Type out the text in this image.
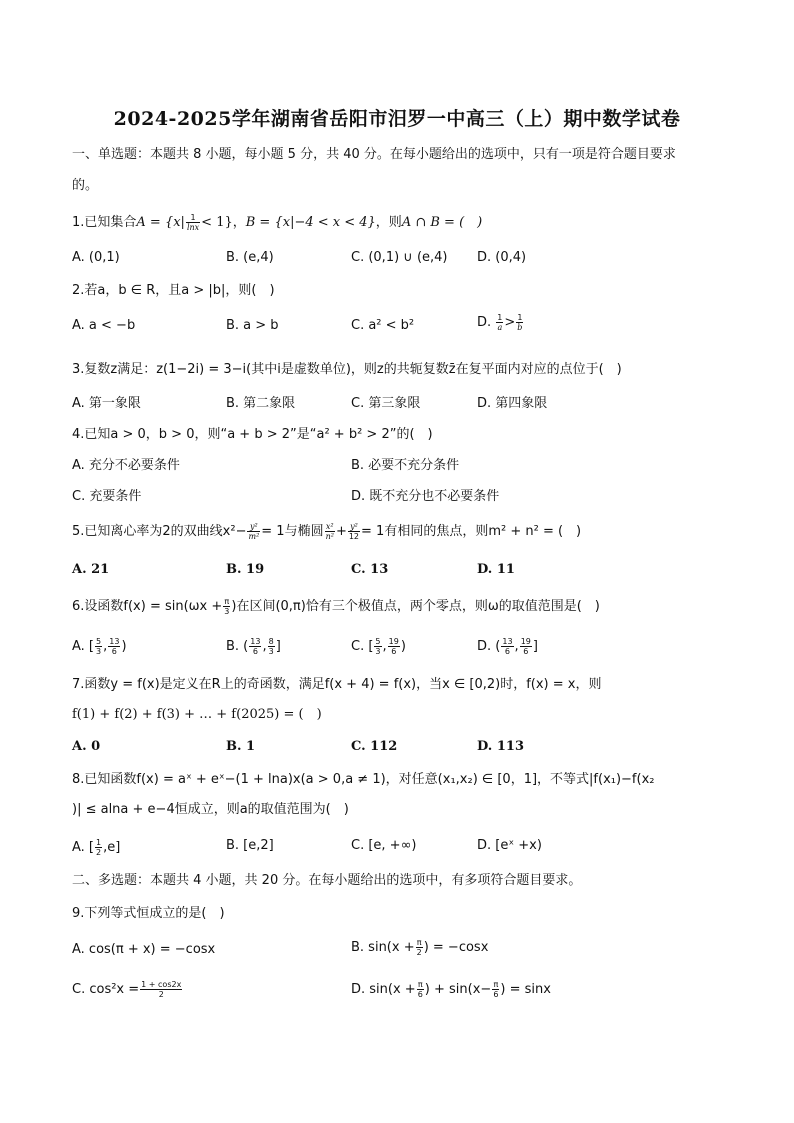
2024-2025学年湖南省岳阳市汨罗一中高三（上）期中数学试卷
一、单选题：本题共 8 小题，每小题 5 分，共 40 分。在每小题给出的选项中，只有一项是符合题目要求
的。
1.已知集合$A = \{x| \frac{1}{\ln x} < 1\}$，B = {x|−4 < x < 4}，则A ∩ B = (　)
A. (0,1)	B. (e,4)	C. (0,1) ∪ (e,4) D. (0,4)
2.若a，b ∈ R，且a > |b|，则(　)
A. a < −b	B. a > b	C. a² < b²	D. $\frac{1}{a} > \frac{1}{b}$
3.复数z满足：z(1−2i) = 3−i(其中i是虚数单位)，则z的共轭复数z̄在复平面内对应的点位于(　)
A. 第一象限	B. 第二象限	C. 第三象限	D. 第四象限
4.已知a > 0，b > 0，则“a + b > 2”是“a² + b² > 2”的(　)
A. 充分不必要条件	B. 必要不充分条件
C. 充要条件	D. 既不充分也不必要条件
5.已知离心率为2的双曲线$x^2- \frac{\text{y²}}{\text{m²}} = 1$与椭圆 $\frac{\text{x²}}{\text{n²}} + \frac{\text{y²}}{12} = 1$有相同的焦点，则m² + n² = (　)
A. 21	B. 19	C. 13	D. 11
6.设函数$f(x) = \sin(\omega x + \frac{\pi}{3}$ )在区间(0,π)恰有三个极值点，两个零点，则ω的取值范围是(　)
A. [ $\frac{5}{3}$ , $\frac{13}{6}$ )	B. ( $\frac{13}{6}$ , $\frac{8}{3}$ ]	C. [ $\frac{5}{3}$ , $\frac{19}{6}$ )	D. ( $\frac{13}{6}$ , $\frac{19}{6}$ ]
7.函数y = f(x)是定义在R上的奇函数，满足f(x + 4) = f(x)，当x ∈ [0,2)时，f(x) = x，则
f(1) + f(2) + f(3) + … + f(2025) = (　)
A. 0	B. 1	C. 112	D. 113
8.已知函数f(x) = aˣ + eˣ−(1 + lna)x(a > 0,a ≠ 1)，对任意(x₁,x₂) ∈ [0，1]，不等式|f(x₁)−f(x₂
)| ≤ alna + e−4恒成立，则a的取值范围为(　)
A. [ $\frac{1}{2} ,e$]	B. [e,2]	C. [e, +∞)	D. [eˣ +x)
二、多选题：本题共 4 小题，共 20 分。在每小题给出的选项中，有多项符合题目要求。
9.下列等式恒成立的是(　)
A. cos(π + x) = −cosx	B. $\sin(x + \frac{\pi}{2}$ ) = −cosx
C. $\cos^2x = \frac{1 + \cos 2x}{2}$	D. $\sin(x + \frac{\pi}{6}$ ) + $\sin(x- \frac{\pi}{6}$ ) = sinx
